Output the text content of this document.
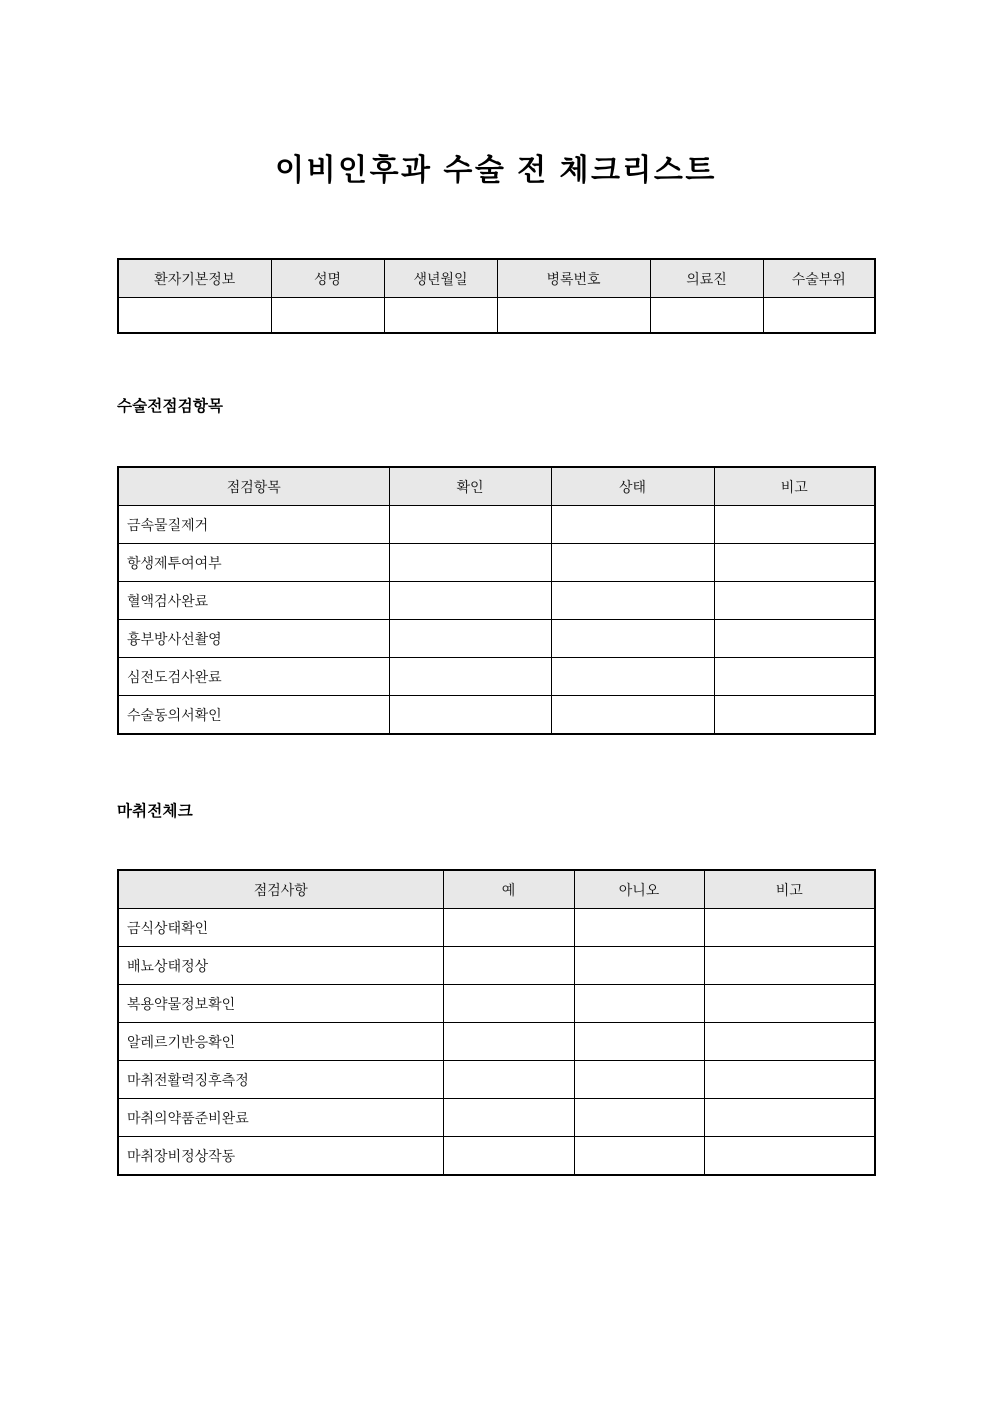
이비인후과 수술 전 체크리스트
환자기본정보	성명	생년월일	병록번호	의료진	수술부위

수술전점검항목
점검항목	확인	상태	비고
금속물질제거			
항생제투여여부			
혈액검사완료			
흉부방사선촬영			
심전도검사완료			
수술동의서확인			
마취전체크
점검사항	예	아니오	비고
금식상태확인			
배뇨상태정상			
복용약물정보확인			
알레르기반응확인			
마취전활력징후측정			
마취의약품준비완료			
마취장비정상작동			
